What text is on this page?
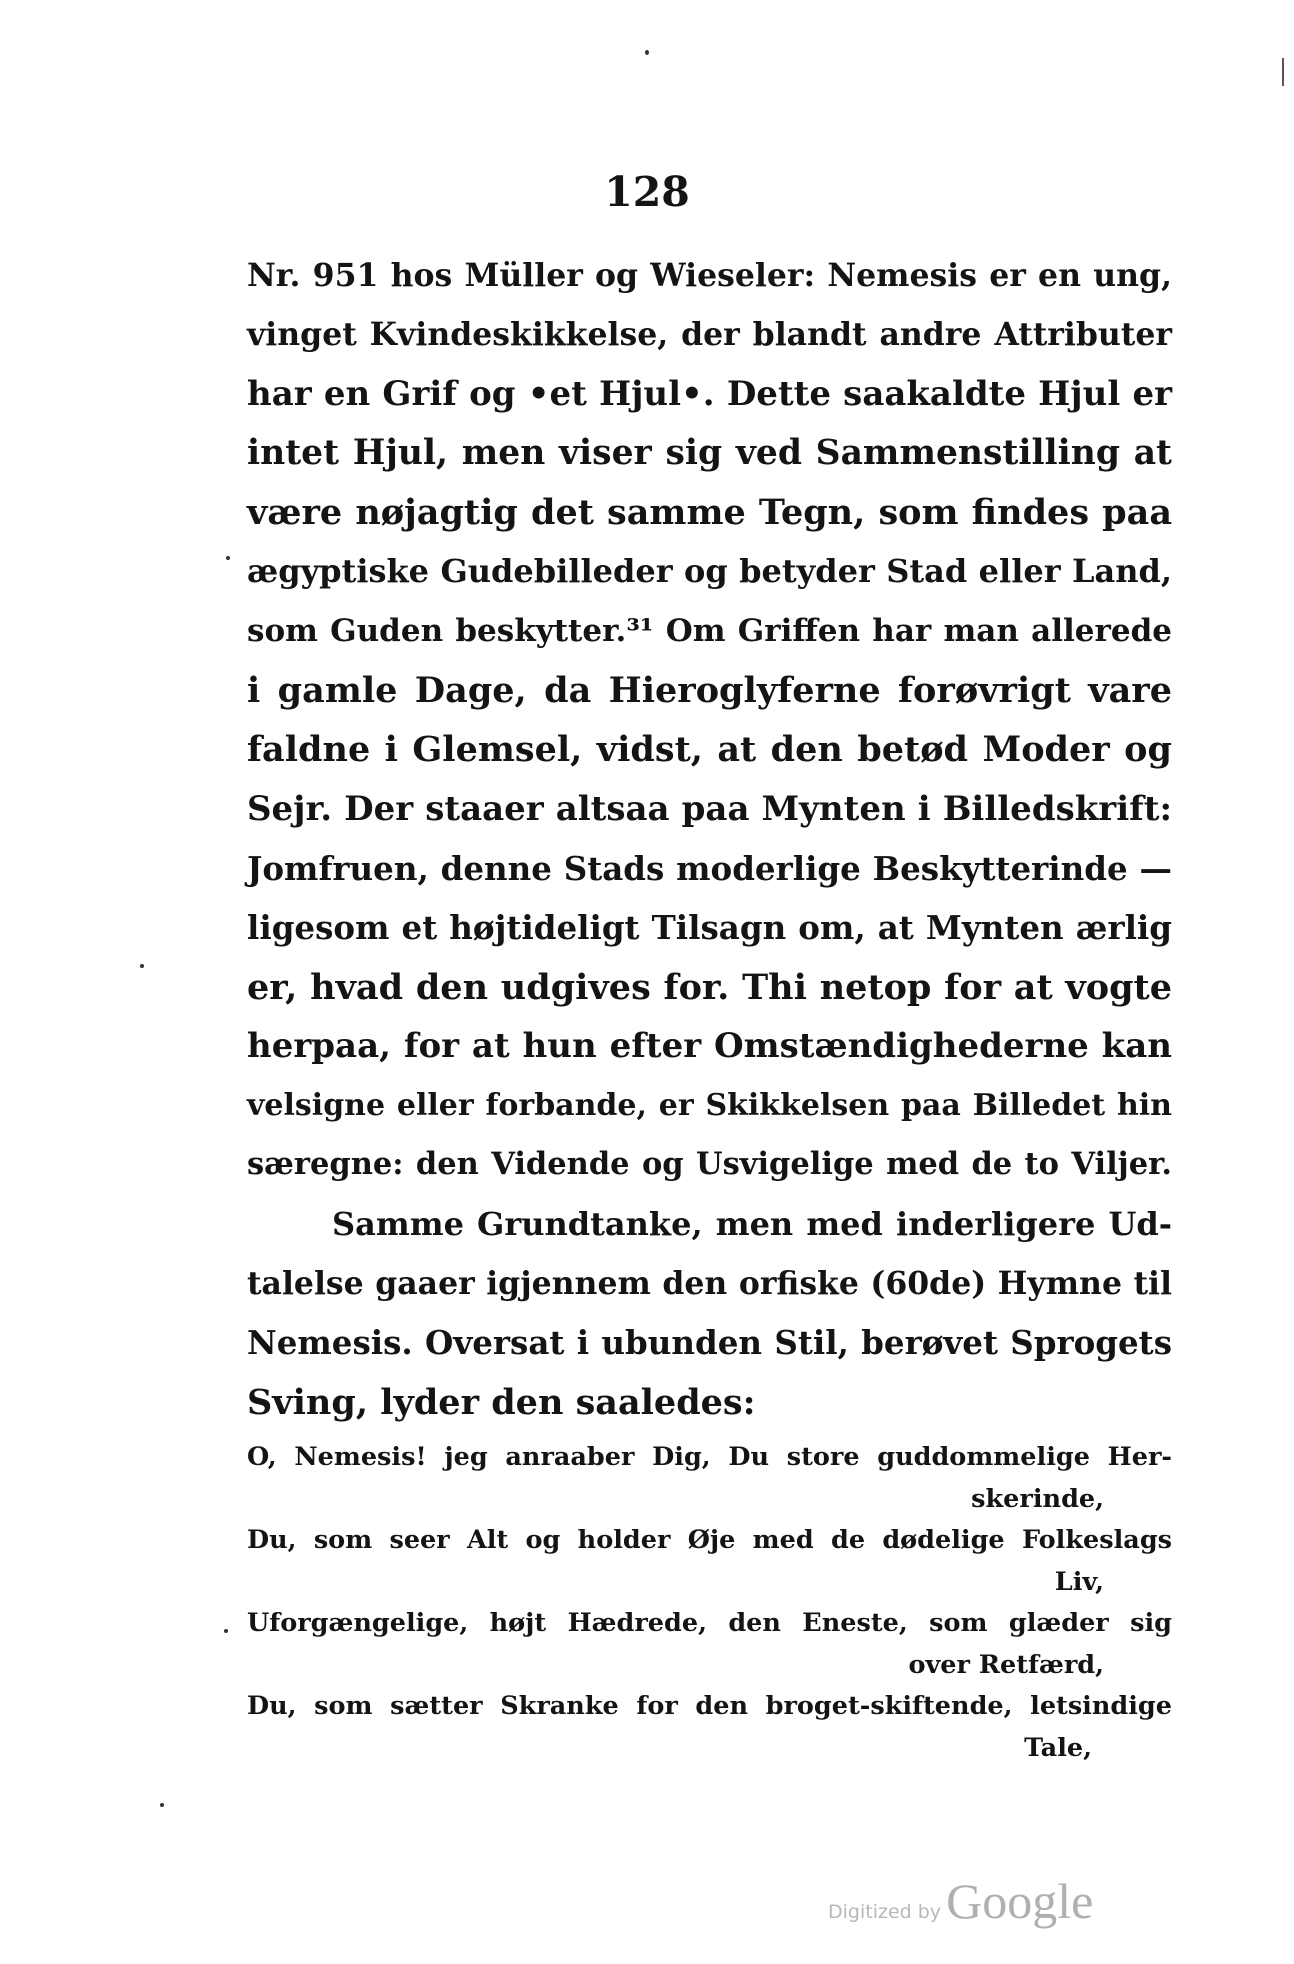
128

Nr. 951 hos Müller og Wieseler: Nemesis er en ung,
vinget Kvindeskikkelse, der blandt andre Attributer
har en Grif og •et Hjul•. Dette saakaldte Hjul er
intet Hjul, men viser sig ved Sammenstilling at
være nøjagtig det samme Tegn, som findes paa
ægyptiske Gudebilleder og betyder Stad eller Land,
som Guden beskytter.³¹ Om Griffen har man allerede
i gamle Dage, da Hieroglyferne forøvrigt vare
faldne i Glemsel, vidst, at den betød Moder og
Sejr. Der staaer altsaa paa Mynten i Billedskrift:
Jomfruen, denne Stads moderlige Beskytterinde —
ligesom et højtideligt Tilsagn om, at Mynten ærlig
er, hvad den udgives for. Thi netop for at vogte
herpaa, for at hun efter Omstændighederne kan
velsigne eller forbande, er Skikkelsen paa Billedet hin
særegne: den Vidende og Usvigelige med de to Viljer.
Samme Grundtanke, men med inderligere Ud-
talelse gaaer igjennem den orfiske (60de) Hymne til
Nemesis. Oversat i ubunden Stil, berøvet Sprogets
Sving, lyder den saaledes:
O, Nemesis! jeg anraaber Dig, Du store guddommelige Her-
skerinde,
Du, som seer Alt og holder Øje med de dødelige Folkeslags
Liv,
Uforgængelige, højt Hædrede, den Eneste, som glæder sig
over Retfærd,
Du, som sætter Skranke for den broget-skiftende, letsindige
Tale,
Digitized by Google
